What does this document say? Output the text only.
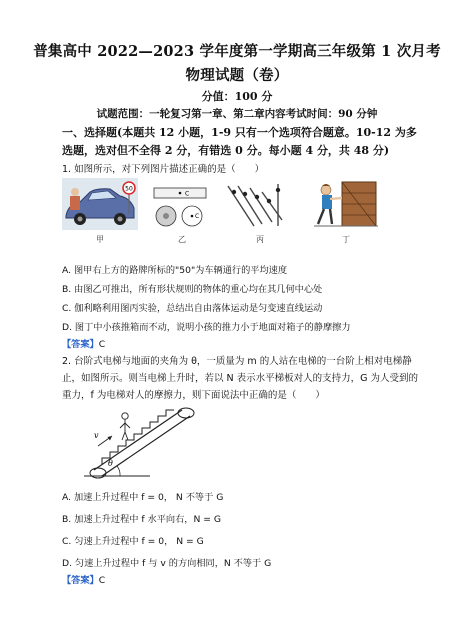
普集高中 2022—2023 学年度第一学期高三年级第 1 次月考
物理试题（卷）
分值：100 分
试题范围：一轮复习第一章、第二章内容考试时间：90 分钟
一、选择题(本题共 12 小题，1-9 只有一个选项符合题意。10-12 为多选题，选对但不全得 2 分，有错选 0 分。每小题 4 分，共 48 分)
1. 如图所示，对下列图片描述正确的是（　　）
50
C
C
甲	乙	丙	丁
A. 图甲右上方的路牌所标的"50"为车辆通行的平均速度
B. 由图乙可推出，所有形状规则的物体的重心均在其几何中心处
C. 伽利略利用图丙实验，总结出自由落体运动是匀变速直线运动
D. 图丁中小孩推箱而不动，说明小孩的推力小于地面对箱子的静摩擦力
【答案】C
2. 台阶式电梯与地面的夹角为 θ，一质量为 m 的人站在电梯的一台阶上相对电梯静止，如图所示。则当电梯上升时，若以 N 表示水平梯板对人的支持力，G 为人受到的重力，f 为电梯对人的摩擦力，则下面说法中正确的是（　　）
θ
v
A. 加速上升过程中 f = 0， N 不等于 G
B. 加速上升过程中 f 水平向右，N = G
C. 匀速上升过程中 f = 0， N = G
D. 匀速上升过程中 f 与 v 的方向相同，N 不等于 G
【答案】C
